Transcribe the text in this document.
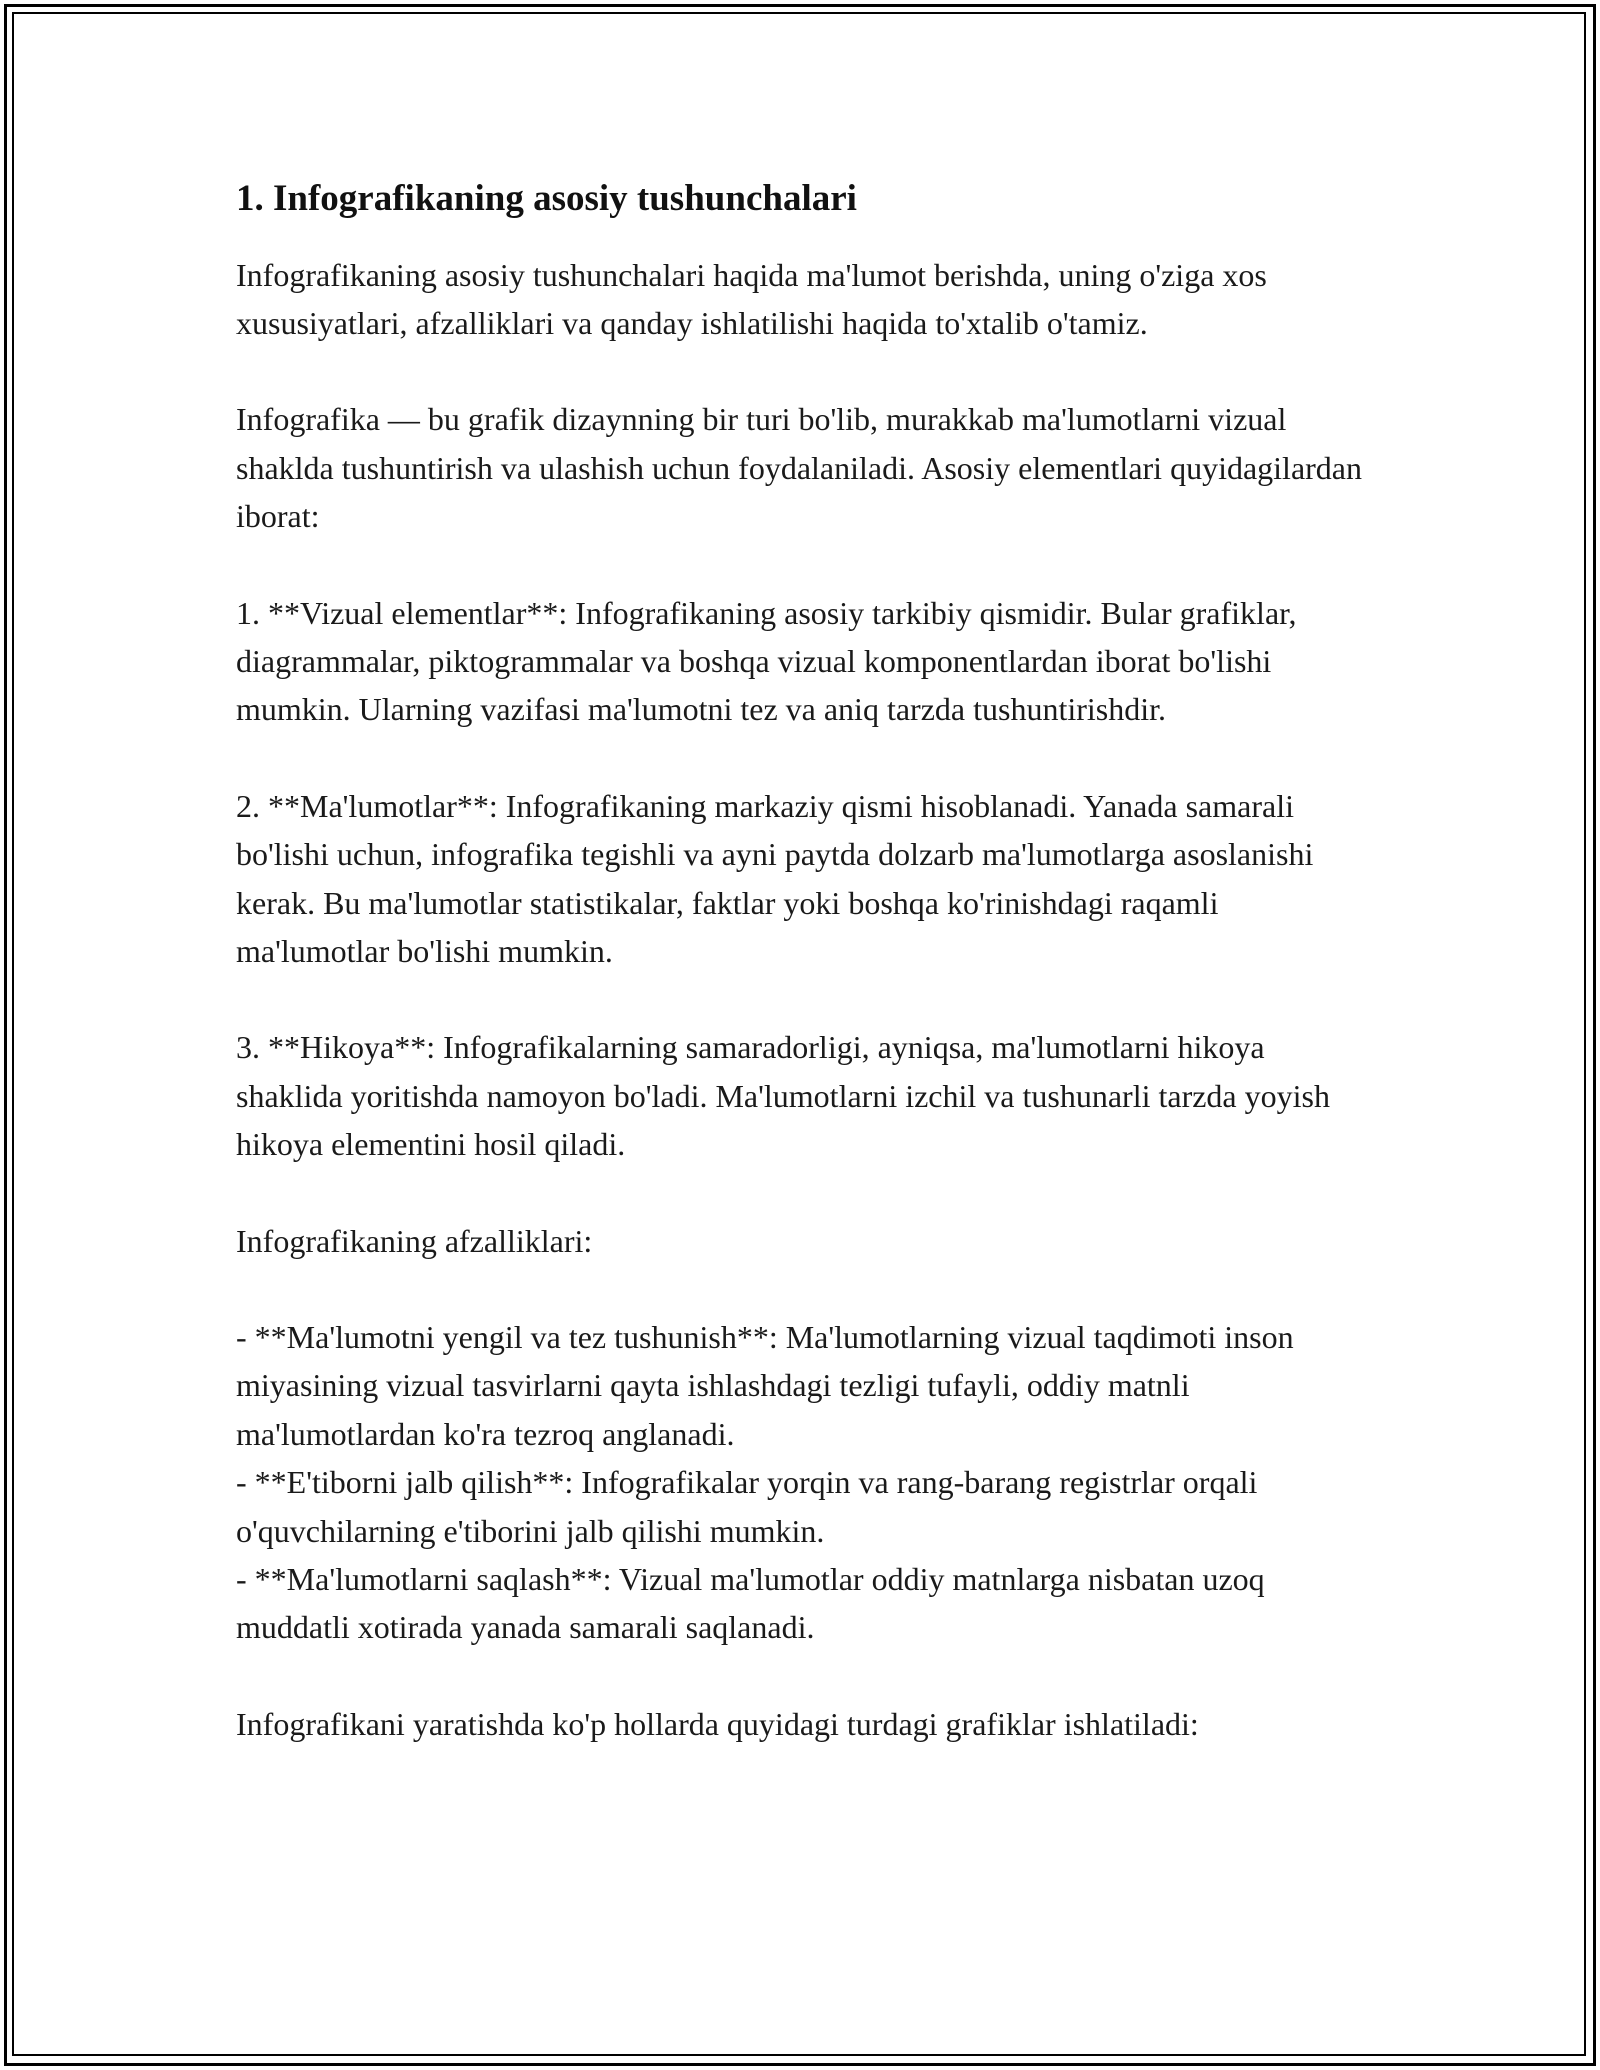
1. Infografikaning asosiy tushunchalari

Infografikaning asosiy tushunchalari haqida ma'lumot berishda, uning o'ziga xos xususiyatlari, afzalliklari va qanday ishlatilishi haqida to'xtalib o'tamiz.

Infografika — bu grafik dizaynning bir turi bo'lib, murakkab ma'lumotlarni vizual shaklda tushuntirish va ulashish uchun foydalaniladi. Asosiy elementlari quyidagilardan iborat:

1. **Vizual elementlar**: Infografikaning asosiy tarkibiy qismidir. Bular grafiklar, diagrammalar, piktogrammalar va boshqa vizual komponentlardan iborat bo'lishi mumkin. Ularning vazifasi ma'lumotni tez va aniq tarzda tushuntirishdir.

2. **Ma'lumotlar**: Infografikaning markaziy qismi hisoblanadi. Yanada samarali bo'lishi uchun, infografika tegishli va ayni paytda dolzarb ma'lumotlarga asoslanishi kerak. Bu ma'lumotlar statistikalar, faktlar yoki boshqa ko'rinishdagi raqamli ma'lumotlar bo'lishi mumkin.

3. **Hikoya**: Infografikalarning samaradorligi, ayniqsa, ma'lumotlarni hikoya shaklida yoritishda namoyon bo'ladi. Ma'lumotlarni izchil va tushunarli tarzda yoyish hikoya elementini hosil qiladi.

Infografikaning afzalliklari:

- **Ma'lumotni yengil va tez tushunish**: Ma'lumotlarning vizual taqdimoti inson miyasining vizual tasvirlarni qayta ishlashdagi tezligi tufayli, oddiy matnli ma'lumotlardan ko'ra tezroq anglanadi.

- **E'tiborni jalb qilish**: Infografikalar yorqin va rang-barang registrlar orqali o'quvchilarning e'tiborini jalb qilishi mumkin.

- **Ma'lumotlarni saqlash**: Vizual ma'lumotlar oddiy matnlarga nisbatan uzoq muddatli xotirada yanada samarali saqlanadi.

Infografikani yaratishda ko'p hollarda quyidagi turdagi grafiklar ishlatiladi:
